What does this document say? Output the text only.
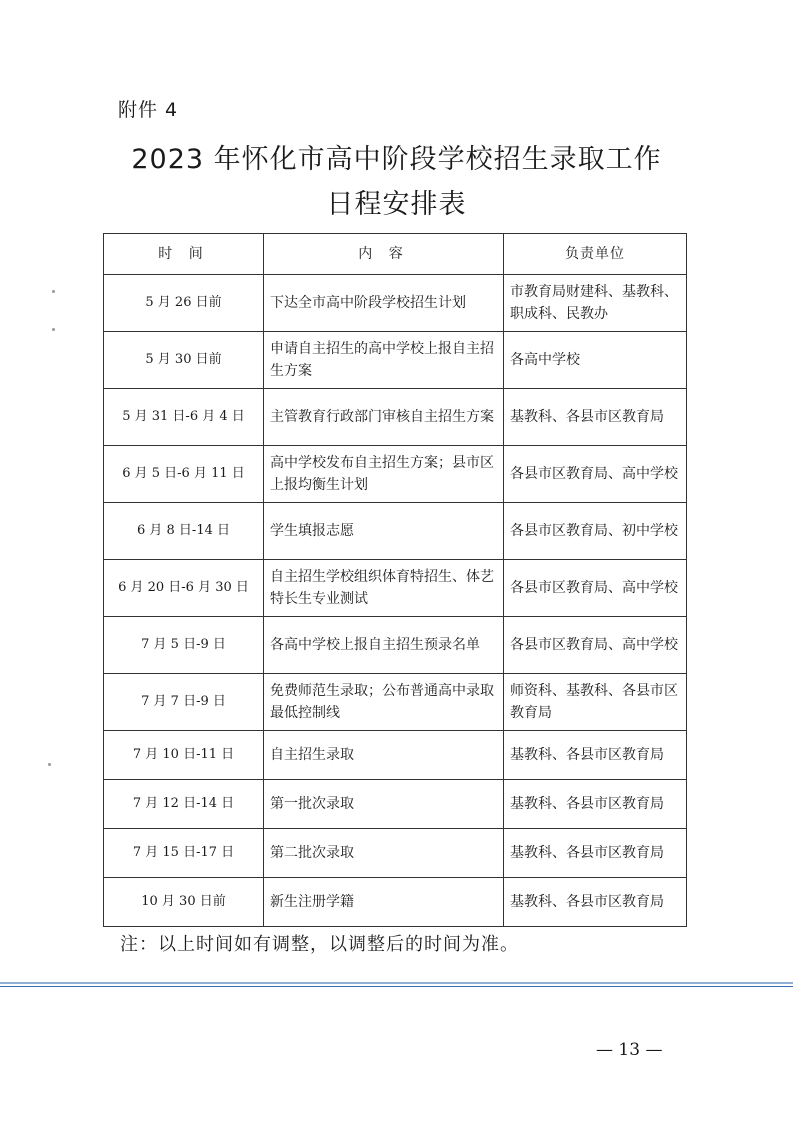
附件 4
2023 年怀化市高中阶段学校招生录取工作
日程安排表
时 间	内 容	负责单位
5 月 26 日前	下达全市高中阶段学校招生计划	市教育局财建科、基教科、职成科、民教办
5 月 30 日前	申请自主招生的高中学校上报自主招生方案	各高中学校
5 月 31 日-6 月 4 日	主管教育行政部门审核自主招生方案	基教科、各县市区教育局
6 月 5 日-6 月 11 日	高中学校发布自主招生方案；县市区上报均衡生计划	各县市区教育局、高中学校
6 月 8 日-14 日	学生填报志愿	各县市区教育局、初中学校
6 月 20 日-6 月 30 日	自主招生学校组织体育特招生、体艺特长生专业测试	各县市区教育局、高中学校
7 月 5 日-9 日	各高中学校上报自主招生预录名单	各县市区教育局、高中学校
7 月 7 日-9 日	免费师范生录取；公布普通高中录取最低控制线	师资科、基教科、各县市区教育局
7 月 10 日-11 日	自主招生录取	基教科、各县市区教育局
7 月 12 日-14 日	第一批次录取	基教科、各县市区教育局
7 月 15 日-17 日	第二批次录取	基教科、各县市区教育局
10 月 30 日前	新生注册学籍	基教科、各县市区教育局
注：以上时间如有调整，以调整后的时间为准。
— 13 —
